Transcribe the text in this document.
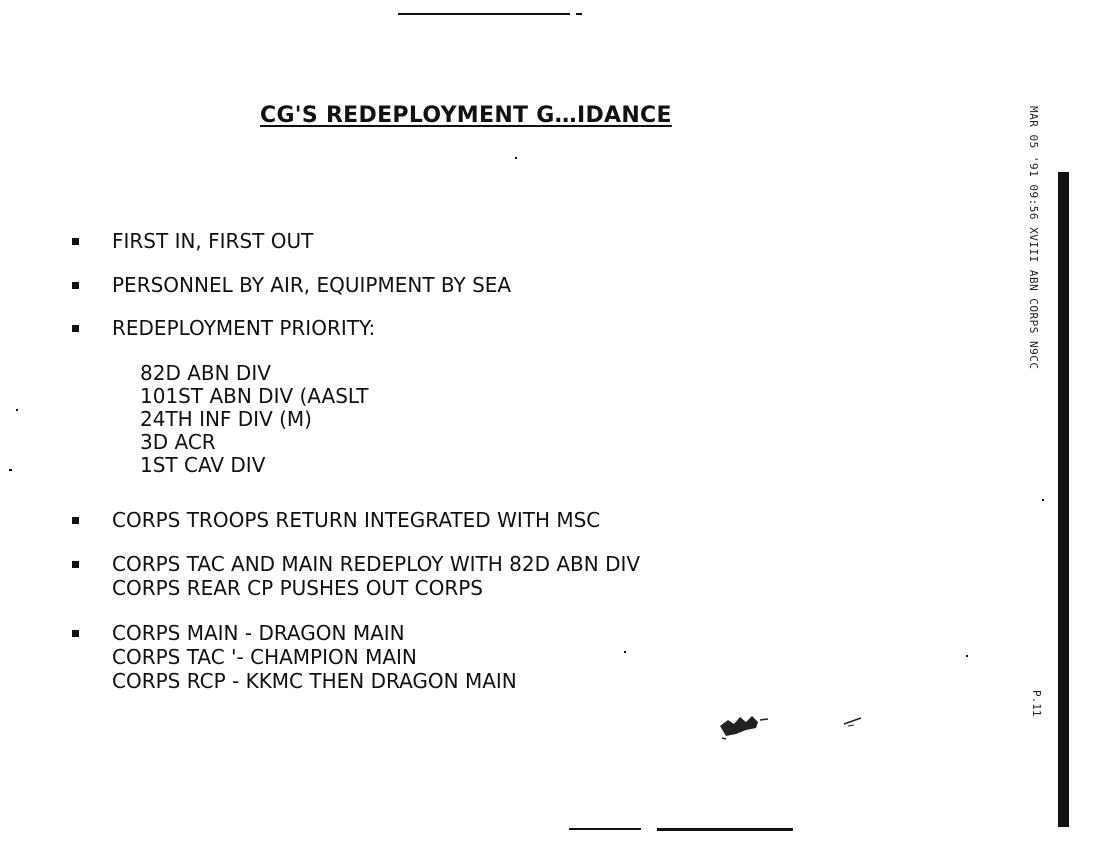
CG'S REDEPLOYMENT G…IDANCE
FIRST IN, FIRST OUT
PERSONNEL BY AIR, EQUIPMENT BY SEA
REDEPLOYMENT PRIORITY:
82D ABN DIV
101ST ABN DIV (AASLT
24TH INF DIV (M)
3D ACR
1ST CAV DIV
CORPS TROOPS RETURN INTEGRATED WITH MSC
CORPS TAC AND MAIN REDEPLOY WITH 82D ABN DIV
CORPS REAR CP PUSHES OUT CORPS
CORPS MAIN - DRAGON MAIN
CORPS TAC '- CHAMPION MAIN
CORPS RCP - KKMC THEN DRAGON MAIN
MAR 05 '91 09:56 XVIII ABN CORPS N9CC
P.11
